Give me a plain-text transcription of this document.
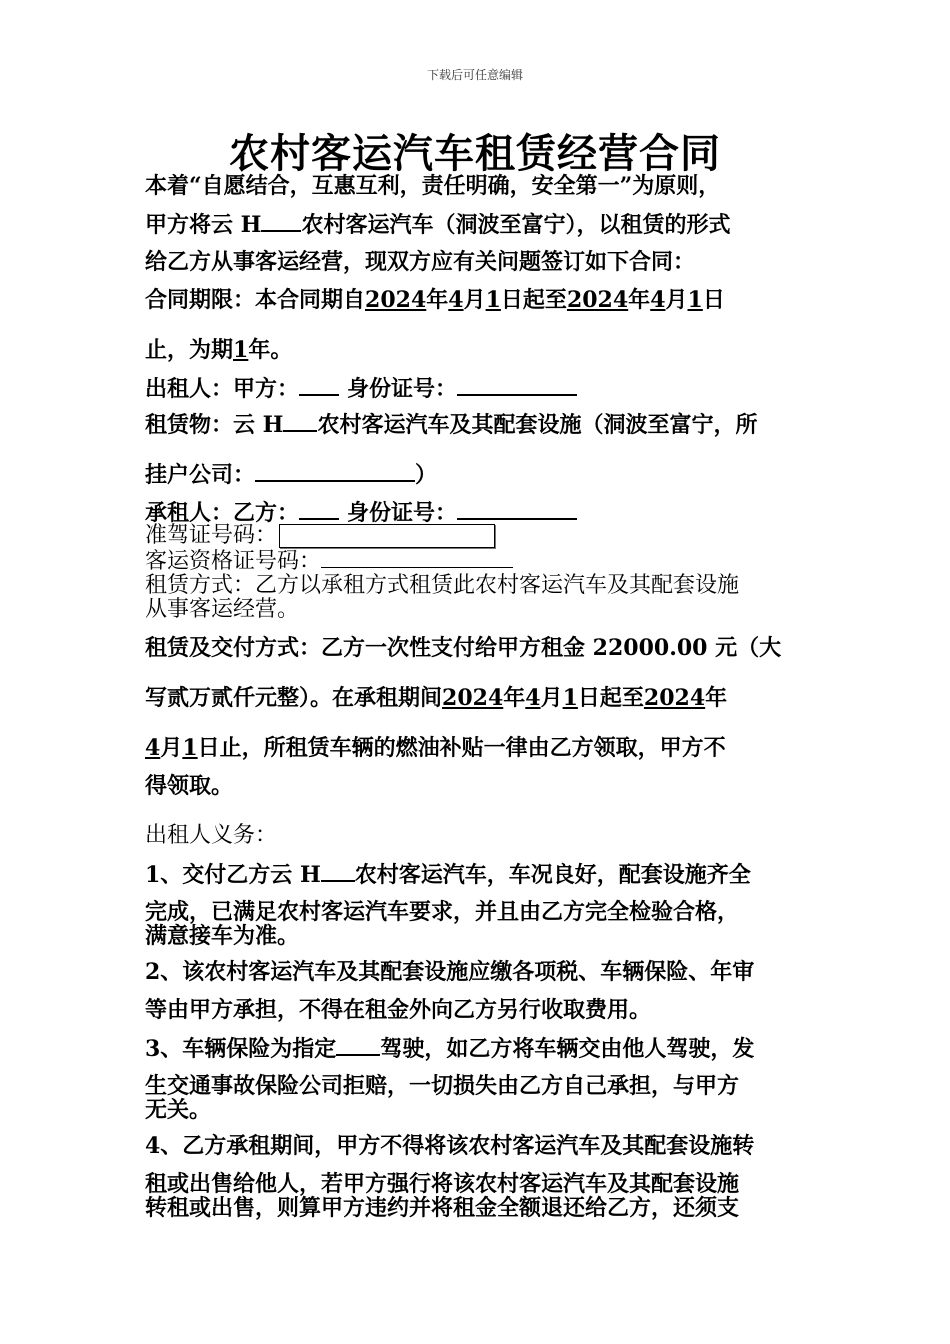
下载后可任意编辑
农村客运汽车租赁经营合同
本着“自愿结合，互惠互利，责任明确，安全第一”为原则，
甲方将云 H 农村客运汽车（洞波至富宁），以租赁的形式
给乙方从事客运经营，现双方应有关问题签订如下合同：
合同期限：本合同期自2024年4月1日起至2024年4月1日
止，为期1年。
出租人：甲方： 身份证号：
租赁物：云 H 农村客运汽车及其配套设施（洞波至富宁，所
挂户公司：	）
承租人：乙方： 身份证号：
准驾证号码：
客运资格证号码：
租赁方式：乙方以承租方式租赁此农村客运汽车及其配套设施
从事客运经营。
租赁及交付方式：乙方一次性支付给甲方租金 22000.00 元（大
写贰万贰仟元整）。在承租期间2024年4月1日起至2024年
4月1日止，所租赁车辆的燃油补贴一律由乙方领取，甲方不
得领取。
出租人义务：
1、交付乙方云 H 农村客运汽车，车况良好，配套设施齐全
完成，已满足农村客运汽车要求，并且由乙方完全检验合格，
满意接车为准。
2、该农村客运汽车及其配套设施应缴各项税、车辆保险、年审
等由甲方承担，不得在租金外向乙方另行收取费用。
3、车辆保险为指定 驾驶，如乙方将车辆交由他人驾驶，发
生交通事故保险公司拒赔，一切损失由乙方自己承担，与甲方
无关。
4、乙方承租期间，甲方不得将该农村客运汽车及其配套设施转
租或出售给他人，若甲方强行将该农村客运汽车及其配套设施
转租或出售，则算甲方违约并将租金全额退还给乙方，还须支
